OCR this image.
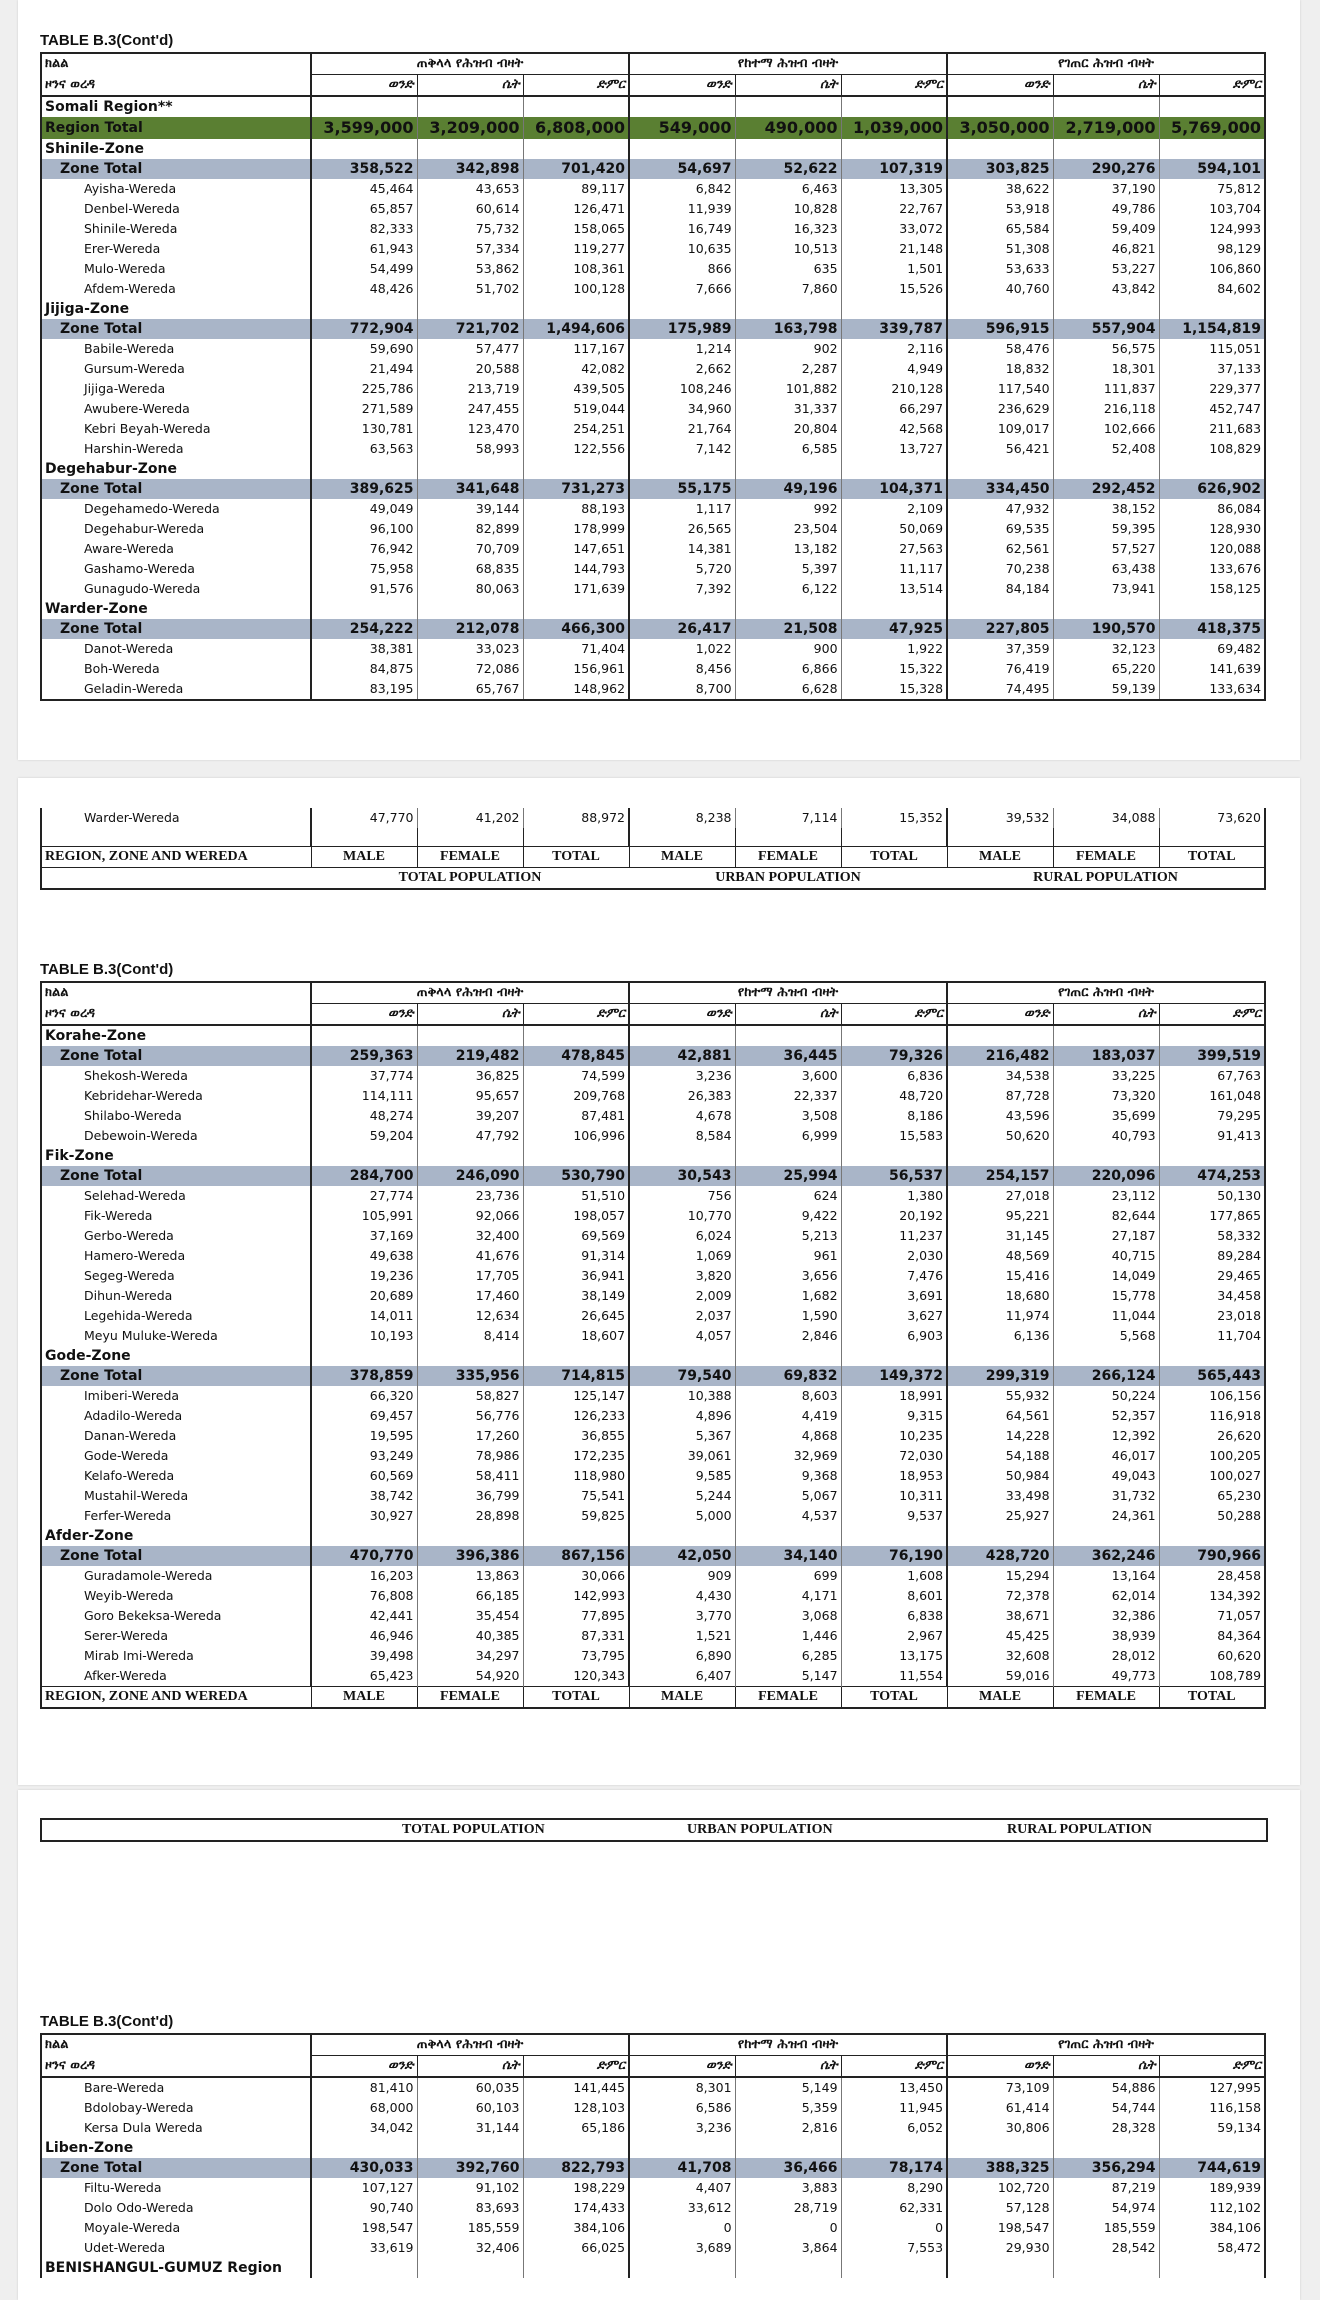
TABLE B.3(Cont'd)
ክልል	ጠቅላላ የሕዝብ ብዛት			የከተማ ሕዝብ ብዛት			የገጠር ሕዝብ ብዛት		
ዞንና ወረዳ	ወንድ	ሴት	ድምር	ወንድ	ሴት	ድምር	ወንድ	ሴት	ድምር
Somali Region**									
Region Total	3,599,000	3,209,000	6,808,000	549,000	490,000	1,039,000	3,050,000	2,719,000	5,769,000
Shinile-Zone									
Zone Total	358,522	342,898	701,420	54,697	52,622	107,319	303,825	290,276	594,101
Ayisha-Wereda	45,464	43,653	89,117	6,842	6,463	13,305	38,622	37,190	75,812
Denbel-Wereda	65,857	60,614	126,471	11,939	10,828	22,767	53,918	49,786	103,704
Shinile-Wereda	82,333	75,732	158,065	16,749	16,323	33,072	65,584	59,409	124,993
Erer-Wereda	61,943	57,334	119,277	10,635	10,513	21,148	51,308	46,821	98,129
Mulo-Wereda	54,499	53,862	108,361	866	635	1,501	53,633	53,227	106,860
Afdem-Wereda	48,426	51,702	100,128	7,666	7,860	15,526	40,760	43,842	84,602
Jijiga-Zone									
Zone Total	772,904	721,702	1,494,606	175,989	163,798	339,787	596,915	557,904	1,154,819
Babile-Wereda	59,690	57,477	117,167	1,214	902	2,116	58,476	56,575	115,051
Gursum-Wereda	21,494	20,588	42,082	2,662	2,287	4,949	18,832	18,301	37,133
Jijiga-Wereda	225,786	213,719	439,505	108,246	101,882	210,128	117,540	111,837	229,377
Awubere-Wereda	271,589	247,455	519,044	34,960	31,337	66,297	236,629	216,118	452,747
Kebri Beyah-Wereda	130,781	123,470	254,251	21,764	20,804	42,568	109,017	102,666	211,683
Harshin-Wereda	63,563	58,993	122,556	7,142	6,585	13,727	56,421	52,408	108,829
Degehabur-Zone									
Zone Total	389,625	341,648	731,273	55,175	49,196	104,371	334,450	292,452	626,902
Degehamedo-Wereda	49,049	39,144	88,193	1,117	992	2,109	47,932	38,152	86,084
Degehabur-Wereda	96,100	82,899	178,999	26,565	23,504	50,069	69,535	59,395	128,930
Aware-Wereda	76,942	70,709	147,651	14,381	13,182	27,563	62,561	57,527	120,088
Gashamo-Wereda	75,958	68,835	144,793	5,720	5,397	11,117	70,238	63,438	133,676
Gunagudo-Wereda	91,576	80,063	171,639	7,392	6,122	13,514	84,184	73,941	158,125
Warder-Zone									
Zone Total	254,222	212,078	466,300	26,417	21,508	47,925	227,805	190,570	418,375
Danot-Wereda	38,381	33,023	71,404	1,022	900	1,922	37,359	32,123	69,482
Boh-Wereda	84,875	72,086	156,961	8,456	6,866	15,322	76,419	65,220	141,639
Geladin-Wereda	83,195	65,767	148,962	8,700	6,628	15,328	74,495	59,139	133,634
Warder-Wereda	47,770	41,202	88,972	8,238	7,114	15,352	39,532	34,088	73,620

REGION, ZONE AND WEREDA	MALE	FEMALE	TOTAL	MALE	FEMALE	TOTAL	MALE	FEMALE	TOTAL
	TOTAL POPULATION			URBAN POPULATION			RURAL POPULATION		
TABLE B.3(Cont'd)
ክልል	ጠቅላላ የሕዝብ ብዛት			የከተማ ሕዝብ ብዛት			የገጠር ሕዝብ ብዛት		
ዞንና ወረዳ	ወንድ	ሴት	ድምር	ወንድ	ሴት	ድምር	ወንድ	ሴት	ድምር
Korahe-Zone									
Zone Total	259,363	219,482	478,845	42,881	36,445	79,326	216,482	183,037	399,519
Shekosh-Wereda	37,774	36,825	74,599	3,236	3,600	6,836	34,538	33,225	67,763
Kebridehar-Wereda	114,111	95,657	209,768	26,383	22,337	48,720	87,728	73,320	161,048
Shilabo-Wereda	48,274	39,207	87,481	4,678	3,508	8,186	43,596	35,699	79,295
Debewoin-Wereda	59,204	47,792	106,996	8,584	6,999	15,583	50,620	40,793	91,413
Fik-Zone									
Zone Total	284,700	246,090	530,790	30,543	25,994	56,537	254,157	220,096	474,253
Selehad-Wereda	27,774	23,736	51,510	756	624	1,380	27,018	23,112	50,130
Fik-Wereda	105,991	92,066	198,057	10,770	9,422	20,192	95,221	82,644	177,865
Gerbo-Wereda	37,169	32,400	69,569	6,024	5,213	11,237	31,145	27,187	58,332
Hamero-Wereda	49,638	41,676	91,314	1,069	961	2,030	48,569	40,715	89,284
Segeg-Wereda	19,236	17,705	36,941	3,820	3,656	7,476	15,416	14,049	29,465
Dihun-Wereda	20,689	17,460	38,149	2,009	1,682	3,691	18,680	15,778	34,458
Legehida-Wereda	14,011	12,634	26,645	2,037	1,590	3,627	11,974	11,044	23,018
Meyu Muluke-Wereda	10,193	8,414	18,607	4,057	2,846	6,903	6,136	5,568	11,704
Gode-Zone									
Zone Total	378,859	335,956	714,815	79,540	69,832	149,372	299,319	266,124	565,443
Imiberi-Wereda	66,320	58,827	125,147	10,388	8,603	18,991	55,932	50,224	106,156
Adadilo-Wereda	69,457	56,776	126,233	4,896	4,419	9,315	64,561	52,357	116,918
Danan-Wereda	19,595	17,260	36,855	5,367	4,868	10,235	14,228	12,392	26,620
Gode-Wereda	93,249	78,986	172,235	39,061	32,969	72,030	54,188	46,017	100,205
Kelafo-Wereda	60,569	58,411	118,980	9,585	9,368	18,953	50,984	49,043	100,027
Mustahil-Wereda	38,742	36,799	75,541	5,244	5,067	10,311	33,498	31,732	65,230
Ferfer-Wereda	30,927	28,898	59,825	5,000	4,537	9,537	25,927	24,361	50,288
Afder-Zone									
Zone Total	470,770	396,386	867,156	42,050	34,140	76,190	428,720	362,246	790,966
Guradamole-Wereda	16,203	13,863	30,066	909	699	1,608	15,294	13,164	28,458
Weyib-Wereda	76,808	66,185	142,993	4,430	4,171	8,601	72,378	62,014	134,392
Goro Bekeksa-Wereda	42,441	35,454	77,895	3,770	3,068	6,838	38,671	32,386	71,057
Serer-Wereda	46,946	40,385	87,331	1,521	1,446	2,967	45,425	38,939	84,364
Mirab Imi-Wereda	39,498	34,297	73,795	6,890	6,285	13,175	32,608	28,012	60,620
Afker-Wereda	65,423	54,920	120,343	6,407	5,147	11,554	59,016	49,773	108,789
REGION, ZONE AND WEREDA	MALE	FEMALE	TOTAL	MALE	FEMALE	TOTAL	MALE	FEMALE	TOTAL
TOTAL POPULATION	URBAN POPULATION	RURAL POPULATION
TABLE B.3(Cont'd)
ክልል	ጠቅላላ የሕዝብ ብዛት			የከተማ ሕዝብ ብዛት			የገጠር ሕዝብ ብዛት		
ዞንና ወረዳ	ወንድ	ሴት	ድምር	ወንድ	ሴት	ድምር	ወንድ	ሴት	ድምር
Bare-Wereda	81,410	60,035	141,445	8,301	5,149	13,450	73,109	54,886	127,995
Bdolobay-Wereda	68,000	60,103	128,103	6,586	5,359	11,945	61,414	54,744	116,158
Kersa Dula Wereda	34,042	31,144	65,186	3,236	2,816	6,052	30,806	28,328	59,134
Liben-Zone									
Zone Total	430,033	392,760	822,793	41,708	36,466	78,174	388,325	356,294	744,619
Filtu-Wereda	107,127	91,102	198,229	4,407	3,883	8,290	102,720	87,219	189,939
Dolo Odo-Wereda	90,740	83,693	174,433	33,612	28,719	62,331	57,128	54,974	112,102
Moyale-Wereda	198,547	185,559	384,106	0	0	0	198,547	185,559	384,106
Udet-Wereda	33,619	32,406	66,025	3,689	3,864	7,553	29,930	28,542	58,472
BENISHANGUL-GUMUZ Region									
